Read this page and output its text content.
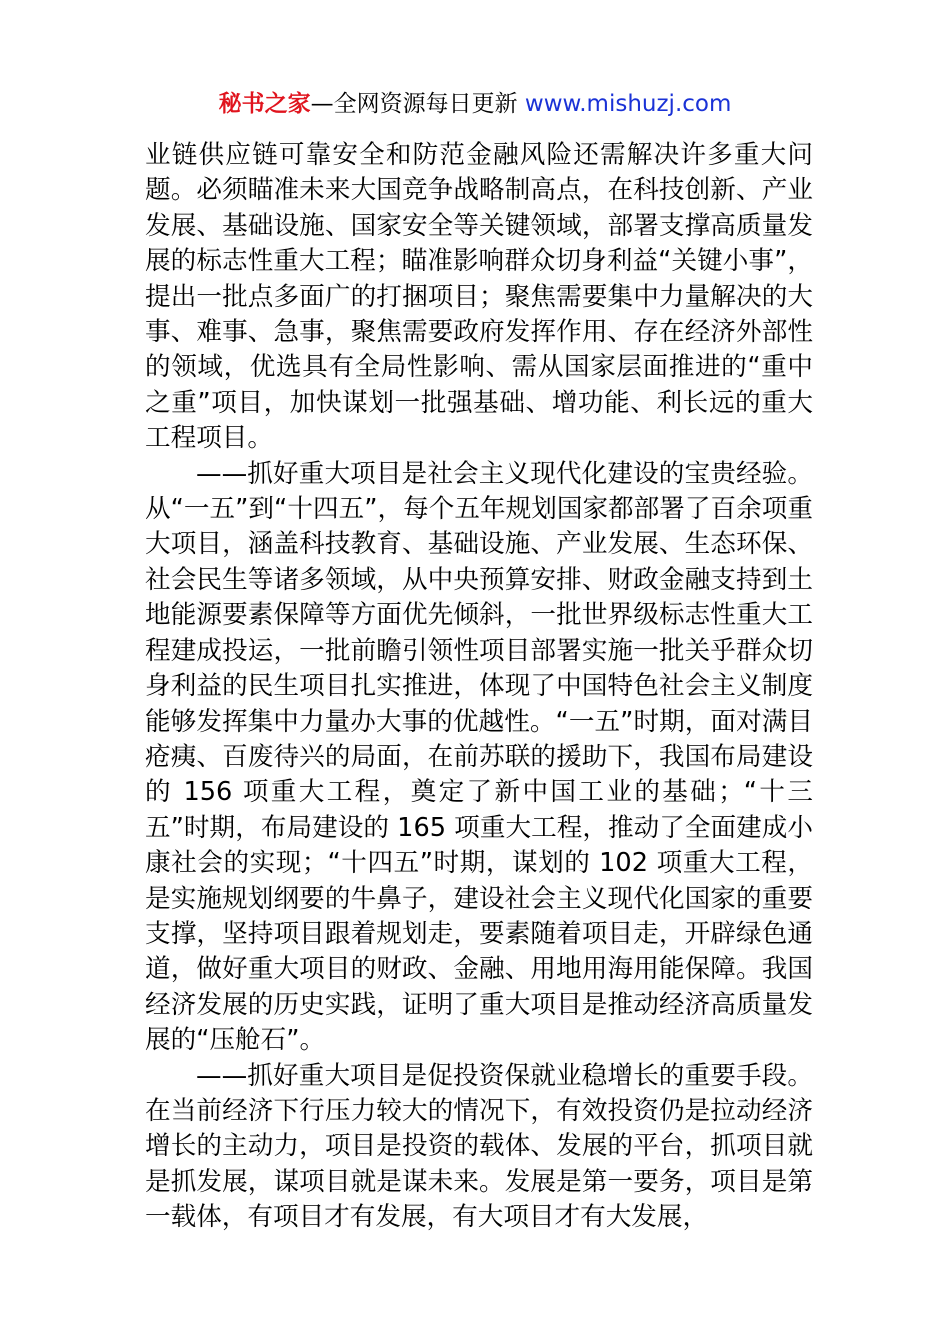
秘书之家—全网资源每日更新 www.mishuzj.com

业链供应链可靠安全和防范金融风险还需解决许多重大问题。必须瞄准未来大国竞争战略制高点，在科技创新、产业发展、基础设施、国家安全等关键领域，部署支撑高质量发展的标志性重大工程；瞄准影响群众切身利益“关键小事”，提出一批点多面广的打捆项目；聚焦需要集中力量解决的大事、难事、急事，聚焦需要政府发挥作用、存在经济外部性的领域，优选具有全局性影响、需从国家层面推进的“重中之重”项目，加快谋划一批强基础、增功能、利长远的重大工程项目。

——抓好重大项目是社会主义现代化建设的宝贵经验。从“一五”到“十四五”，每个五年规划国家都部署了百余项重大项目，涵盖科技教育、基础设施、产业发展、生态环保、社会民生等诸多领域，从中央预算安排、财政金融支持到土地能源要素保障等方面优先倾斜，一批世界级标志性重大工程建成投运，一批前瞻引领性项目部署实施一批关乎群众切身利益的民生项目扎实推进，体现了中国特色社会主义制度能够发挥集中力量办大事的优越性。“一五”时期，面对满目疮痍、百废待兴的局面，在前苏联的援助下，我国布局建设的 156 项重大工程，奠定了新中国工业的基础；“十三五”时期，布局建设的 165 项重大工程，推动了全面建成小康社会的实现；“十四五”时期，谋划的 102 项重大工程，是实施规划纲要的牛鼻子，建设社会主义现代化国家的重要支撑，坚持项目跟着规划走，要素随着项目走，开辟绿色通道，做好重大项目的财政、金融、用地用海用能保障。我国经济发展的历史实践，证明了重大项目是推动经济高质量发展的“压舱石”。

——抓好重大项目是促投资保就业稳增长的重要手段。在当前经济下行压力较大的情况下，有效投资仍是拉动经济增长的主动力，项目是投资的载体、发展的平台，抓项目就是抓发展，谋项目就是谋未来。发展是第一要务，项目是第一载体，有项目才有发展，有大项目才有大发展，
